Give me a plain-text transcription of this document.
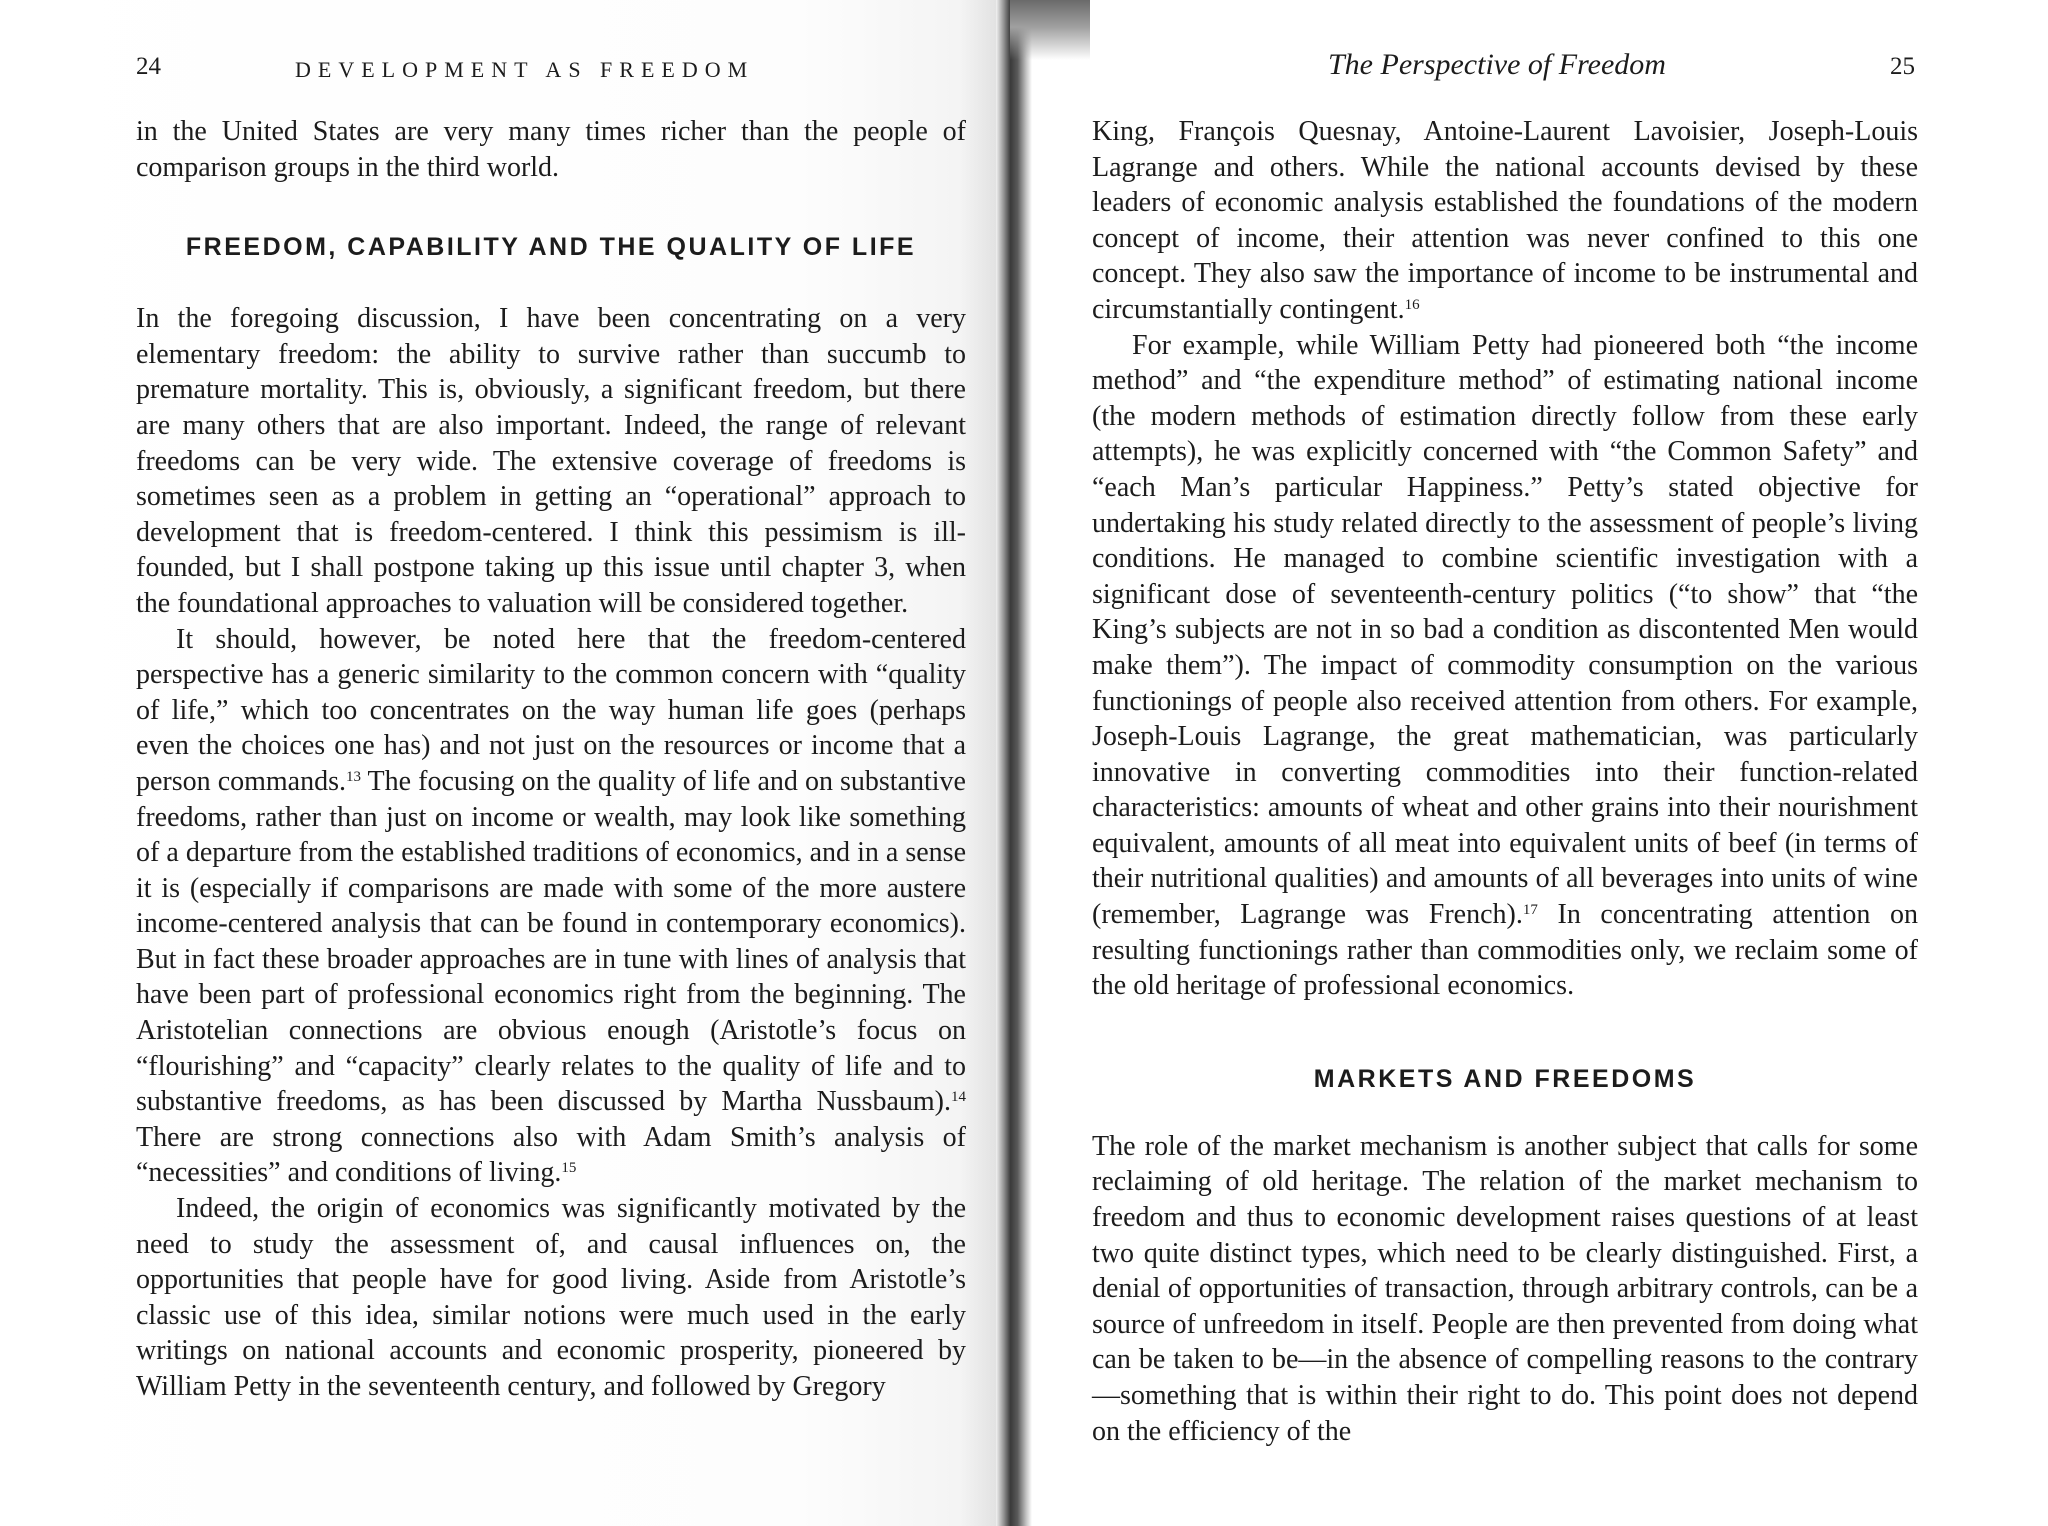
24	DEVELOPMENT AS FREEDOM

in the United States are very many times richer than the people of comparison groups in the third world.

FREEDOM, CAPABILITY AND THE QUALITY OF LIFE

In the foregoing discussion, I have been concentrating on a very elementary freedom: the ability to survive rather than succumb to premature mortality. This is, obviously, a significant freedom, but there are many others that are also important. Indeed, the range of relevant freedoms can be very wide. The extensive coverage of freedoms is sometimes seen as a problem in getting an “operational” approach to development that is freedom-centered. I think this pessimism is ill-founded, but I shall postpone taking up this issue until chapter 3, when the foundational approaches to valuation will be considered together.

It should, however, be noted here that the freedom-centered perspective has a generic similarity to the common concern with “quality of life,” which too concentrates on the way human life goes (perhaps even the choices one has) and not just on the resources or income that a person commands.$^{13}$ The focusing on the quality of life and on substantive freedoms, rather than just on income or wealth, may look like something of a departure from the established traditions of economics, and in a sense it is (especially if comparisons are made with some of the more austere income-centered analysis that can be found in contemporary economics). But in fact these broader approaches are in tune with lines of analysis that have been part of professional economics right from the beginning. The Aristotelian connections are obvious enough (Aristotle’s focus on “flourishing” and “capacity” clearly relates to the quality of life and to substantive freedoms, as has been discussed by Martha Nussbaum).$^{14}$ There are strong connections also with Adam Smith’s analysis of “necessities” and conditions of living.$^{15}$

Indeed, the origin of economics was significantly motivated by the need to study the assessment of, and causal influences on, the opportunities that people have for good living. Aside from Aristotle’s classic use of this idea, similar notions were much used in the early writings on national accounts and economic prosperity, pioneered by William Petty in the seventeenth century, and followed by Gregory

The Perspective of Freedom	25

King, François Quesnay, Antoine-Laurent Lavoisier, Joseph-Louis Lagrange and others. While the national accounts devised by these leaders of economic analysis established the foundations of the modern concept of income, their attention was never confined to this one concept. They also saw the importance of income to be instrumental and circumstantially contingent.$^{16}$

For example, while William Petty had pioneered both “the income method” and “the expenditure method” of estimating national income (the modern methods of estimation directly follow from these early attempts), he was explicitly concerned with “the Common Safety” and “each Man’s particular Happiness.” Petty’s stated objective for undertaking his study related directly to the assessment of people’s living conditions. He managed to combine scientific investigation with a significant dose of seventeenth-century politics (“to show” that “the King’s subjects are not in so bad a condition as discontented Men would make them”). The impact of commodity consumption on the various functionings of people also received attention from others. For example, Joseph-Louis Lagrange, the great mathematician, was particularly innovative in converting commodities into their function-related characteristics: amounts of wheat and other grains into their nourishment equivalent, amounts of all meat into equivalent units of beef (in terms of their nutritional qualities) and amounts of all beverages into units of wine (remember, Lagrange was French).$^{17}$ In concentrating attention on resulting functionings rather than commodities only, we reclaim some of the old heritage of professional economics.

MARKETS AND FREEDOMS

The role of the market mechanism is another subject that calls for some reclaiming of old heritage. The relation of the market mechanism to freedom and thus to economic development raises questions of at least two quite distinct types, which need to be clearly distinguished. First, a denial of opportunities of transaction, through arbitrary controls, can be a source of unfreedom in itself. People are then prevented from doing what can be taken to be—in the absence of compelling reasons to the contrary—something that is within their right to do. This point does not depend on the efficiency of the
